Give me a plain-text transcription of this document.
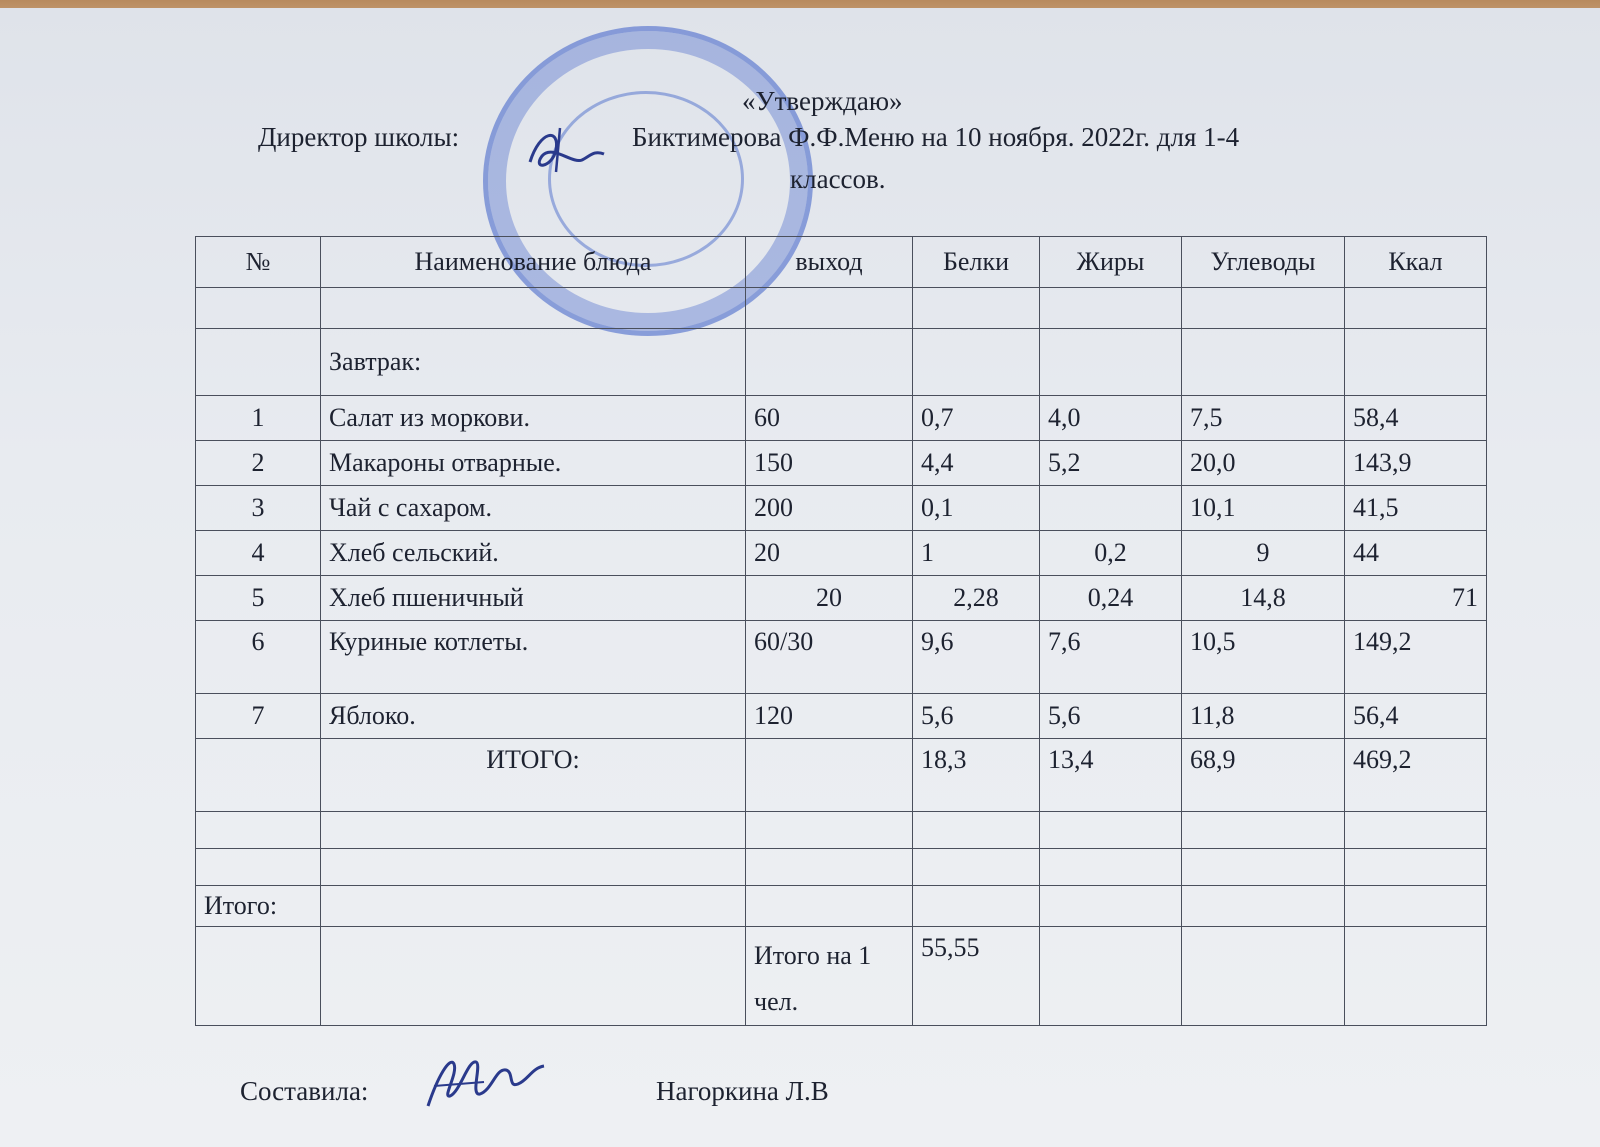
«Утверждаю»
Директор школы:	Биктимерова Ф.Ф.Меню на 10 ноября. 2022г. для 1-4
классов.
№	Наименование блюда	выход	Белки	Жиры	Углеводы	Ккал

	Завтрак:					
1	Салат из моркови.	60	0,7	4,0	7,5	58,4
2	Макароны отварные.	150	4,4	5,2	20,0	143,9
3	Чай с сахаром.	200	0,1		10,1	41,5
4	Хлеб сельский.	20	1	0,2	9	44
5	Хлеб пшеничный	20	2,28	0,24	14,8	71
6	Куриные котлеты.	60/30	9,6	7,6	10,5	149,2
7	Яблоко.	120	5,6	5,6	11,8	56,4
	ИТОГО:		18,3	13,4	68,9	469,2

Итого:						
		Итого на 1 чел.	55,55			
Составила:	Нагоркина Л.В
